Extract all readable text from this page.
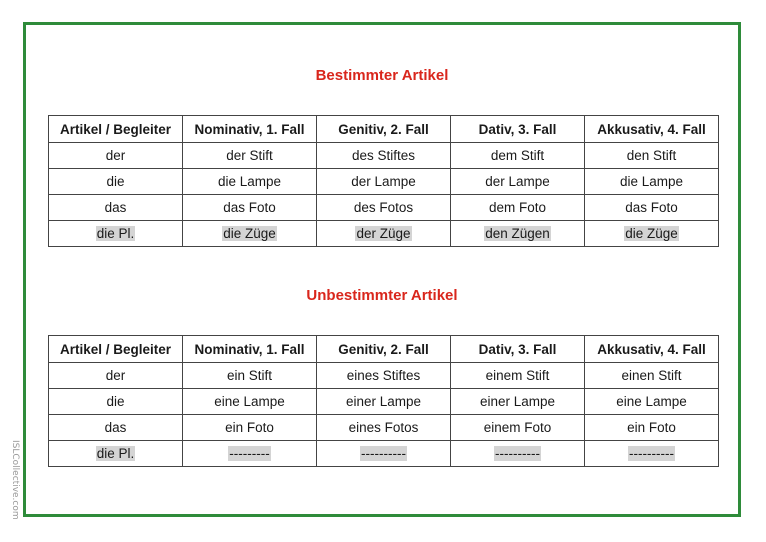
Bestimmter Artikel
Artikel / Begleiter	Nominativ, 1. Fall	Genitiv, 2. Fall	Dativ, 3. Fall	Akkusativ, 4. Fall
der	der Stift	des Stiftes	dem Stift	den Stift
die	die Lampe	der Lampe	der Lampe	die Lampe
das	das Foto	des Fotos	dem Foto	das Foto
die Pl.	die Züge	der Züge	den Zügen	die Züge
Unbestimmter Artikel
Artikel / Begleiter	Nominativ, 1. Fall	Genitiv, 2. Fall	Dativ, 3. Fall	Akkusativ, 4. Fall
der	ein Stift	eines Stiftes	einem Stift	einen Stift
die	eine Lampe	einer Lampe	einer Lampe	eine Lampe
das	ein Foto	eines Fotos	einem Foto	ein Foto
die Pl.	---------	----------	----------	----------
ISLCollective.com
